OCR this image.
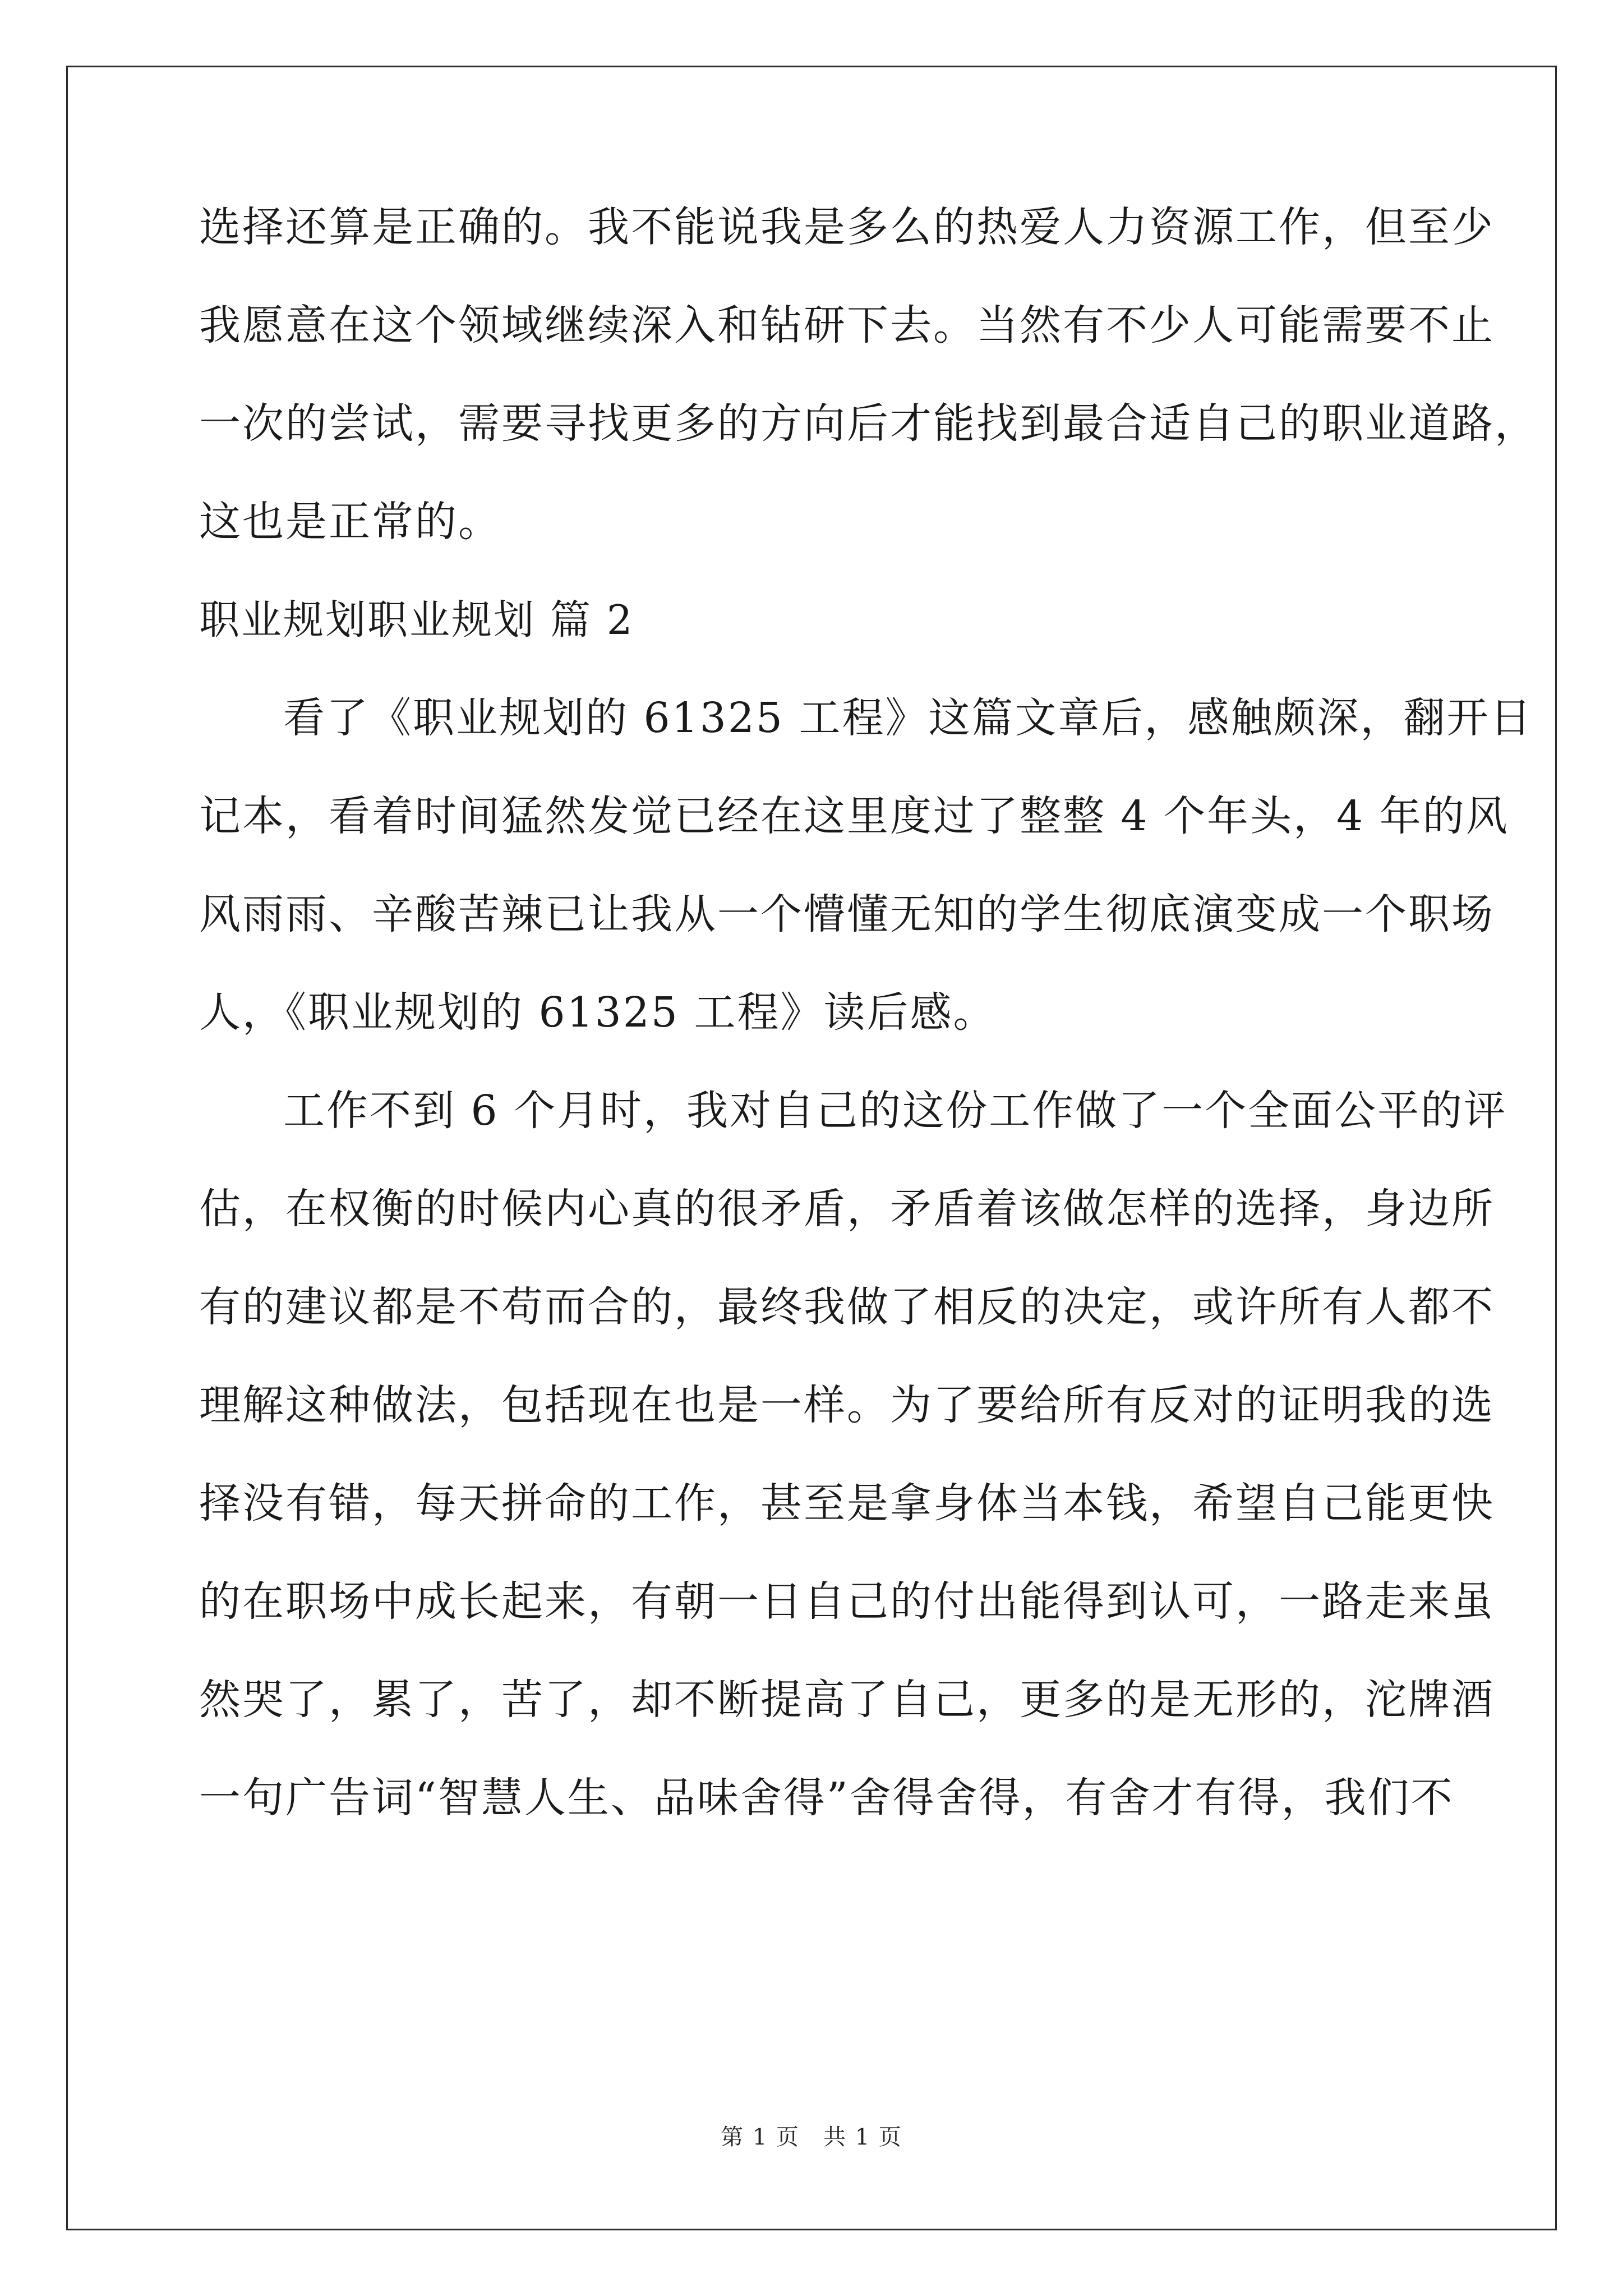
选择还算是正确的。我不能说我是多么的热爱人力资源工作，但至少
我愿意在这个领域继续深入和钻研下去。当然有不少人可能需要不止
一次的尝试，需要寻找更多的方向后才能找到最合适自己的职业道路，
这也是正常的。
职业规划职业规划 篇 2
看了《职业规划的 61325 工程》这篇文章后，感触颇深，翻开日
记本，看着时间猛然发觉已经在这里度过了整整 4 个年头，4 年的风
风雨雨、辛酸苦辣已让我从一个懵懂无知的学生彻底演变成一个职场
人，《职业规划的 61325 工程》读后感。
工作不到 6 个月时，我对自己的这份工作做了一个全面公平的评
估，在权衡的时候内心真的很矛盾，矛盾着该做怎样的选择，身边所
有的建议都是不苟而合的，最终我做了相反的决定，或许所有人都不
理解这种做法，包括现在也是一样。为了要给所有反对的证明我的选
择没有错，每天拼命的工作，甚至是拿身体当本钱，希望自己能更快
的在职场中成长起来，有朝一日自己的付出能得到认可，一路走来虽
然哭了，累了，苦了，却不断提高了自己，更多的是无形的，沱牌酒
一句广告词“智慧人生、品味舍得”舍得舍得，有舍才有得，我们不
第 1 页　共 1 页
